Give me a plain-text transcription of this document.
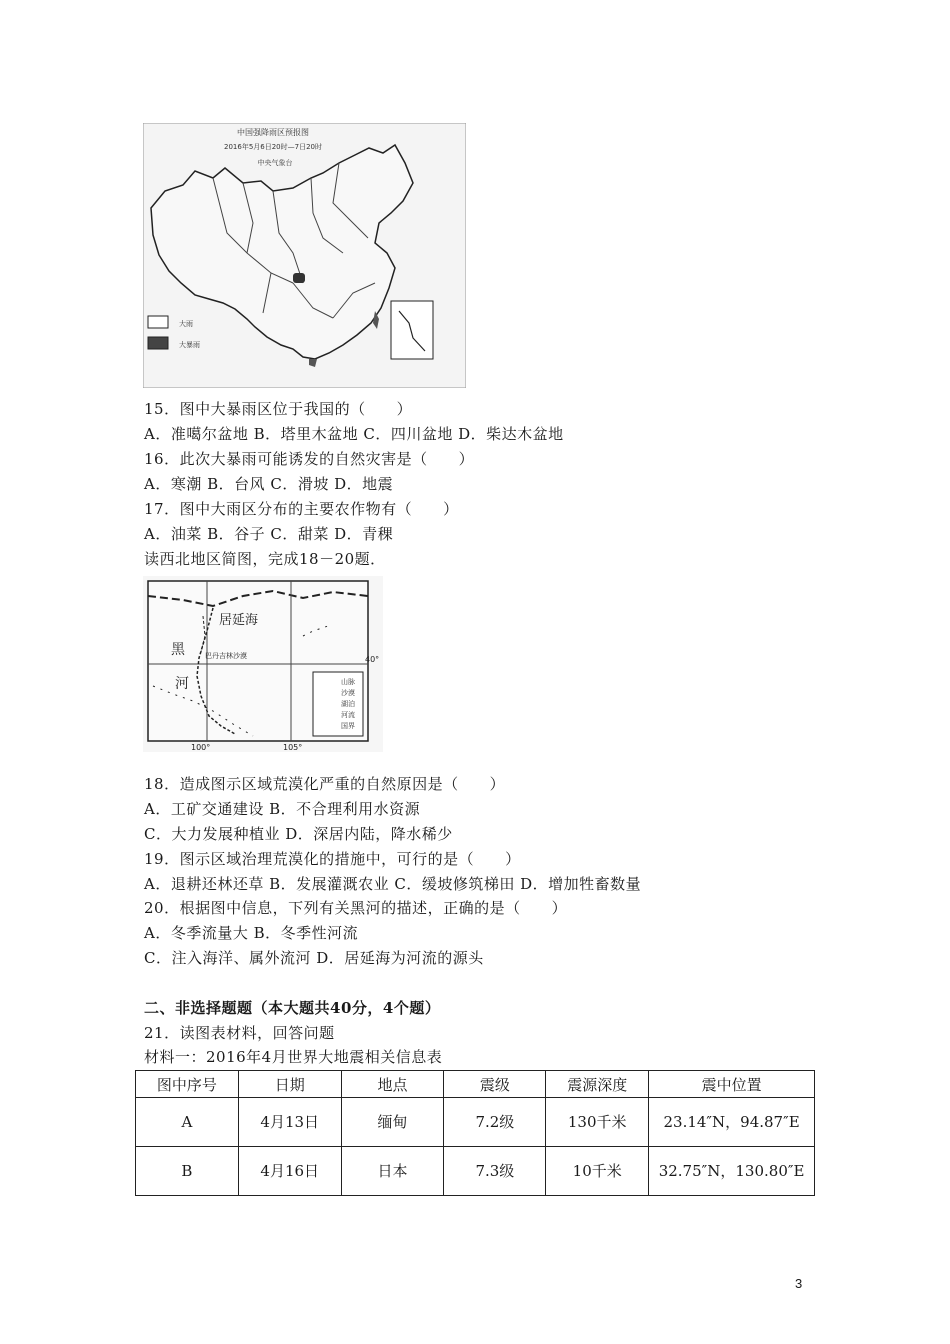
中国强降雨区预报图
2016年5月6日20时—7日20时
中央气象台
大雨
大暴雨
15．图中大暴雨区位于我国的（　　）
A．准噶尔盆地 B．塔里木盆地 C．四川盆地 D．柴达木盆地
16．此次大暴雨可能诱发的自然灾害是（　　）
A．寒潮 B．台风 C．滑坡 D．地震
17．图中大雨区分布的主要农作物有（　　）
A．油菜 B．谷子 C．甜菜 D．青稞
读西北地区简图，完成18－20题．
居延海
黑
河
巴丹吉林沙漠	40°
100°	105°
山脉
沙漠
湖泊
河流
国界
18．造成图示区域荒漠化严重的自然原因是（　　）
A．工矿交通建设 B．不合理利用水资源
C．大力发展种植业 D．深居内陆，降水稀少
19．图示区域治理荒漠化的措施中，可行的是（　　）
A．退耕还林还草 B．发展灌溉农业 C．缓坡修筑梯田 D．增加牲畜数量
20．根据图中信息，下列有关黑河的描述，正确的是（　　）
A．冬季流量大 B．冬季性河流
C．注入海洋、属外流河 D．居延海为河流的源头
二、非选择题题（本大题共40分，4个题）
21．读图表材料，回答问题
材料一：2016年4月世界大地震相关信息表
图中序号	日期	地点	震级	震源深度	震中位置
A	4月13日	缅甸	7.2级	130千米	23.14″N，94.87″E
B	4月16日	日本	7.3级	10千米	32.75″N，130.80″E
3
